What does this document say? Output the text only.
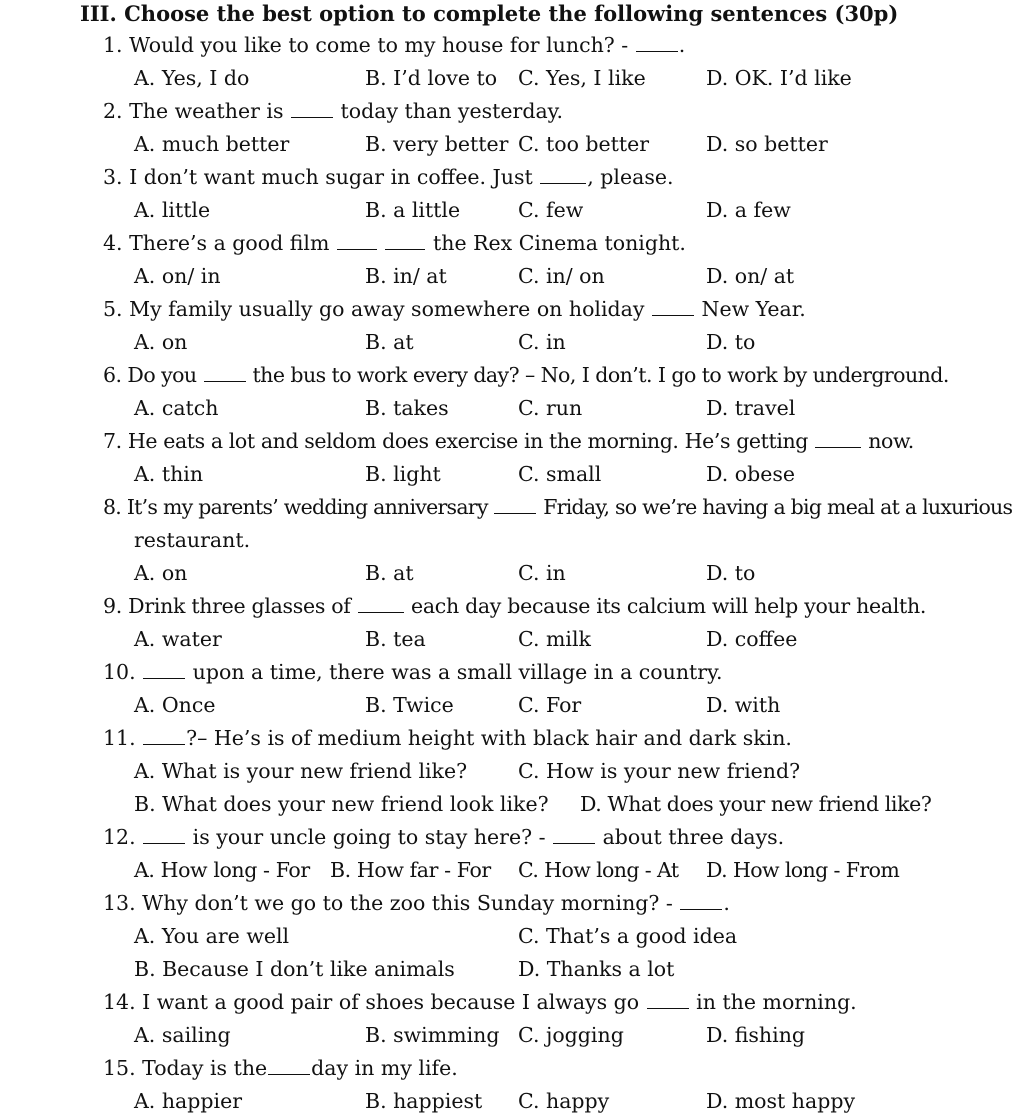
III. Choose the best option to complete the following sentences (30p)
1. Would you like to come to my house for lunch? - .
A. Yes, I do	B. I’d love to C. Yes, I like	D. OK. I’d like
2. The weather is  today than yesterday.
A. much better	B. very better C. too better	D. so better
3. I don’t want much sugar in coffee. Just , please.
A. little	B. a little	C. few	D. a few
4. There’s a good film	the Rex Cinema tonight.
A. on/ in	B. in/ at	C. in/ on	D. on/ at
5. My family usually go away somewhere on holiday  New Year.
A. on	B. at	C. in	D. to
6. Do you  the bus to work every day? – No, I don’t. I go to work by underground.
A. catch	B. takes	C. run	D. travel
7. He eats a lot and seldom does exercise in the morning. He’s getting  now.
A. thin	B. light	C. small	D. obese
8. It’s my parents’ wedding anniversary  Friday, so we’re having a big meal at a luxurious
restaurant.
A. on	B. at	C. in	D. to
9. Drink three glasses of  each day because its calcium will help your health.
A. water	B. tea	C. milk	D. coffee
10.  upon a time, there was a small village in a country.
A. Once	B. Twice	C. For	D. with
11. ?– He’s is of medium height with black hair and dark skin.
A. What is your new friend like? C. How is your new friend?
B. What does your new friend look like? D. What does your new friend like?
12.  is your uncle going to stay here? -  about three days.
A. How long - For B. How far - For C. How long - At D. How long - From
13. Why don’t we go to the zoo this Sunday morning? - .
A. You are well	C. That’s a good idea
B. Because I don’t like animals	D. Thanks a lot
14. I want a good pair of shoes because I always go  in the morning.
A. sailing	B. swimming C. jogging	D. fishing
15. Today is the day in my life.
A. happier	B. happiest C. happy	D. most happy
